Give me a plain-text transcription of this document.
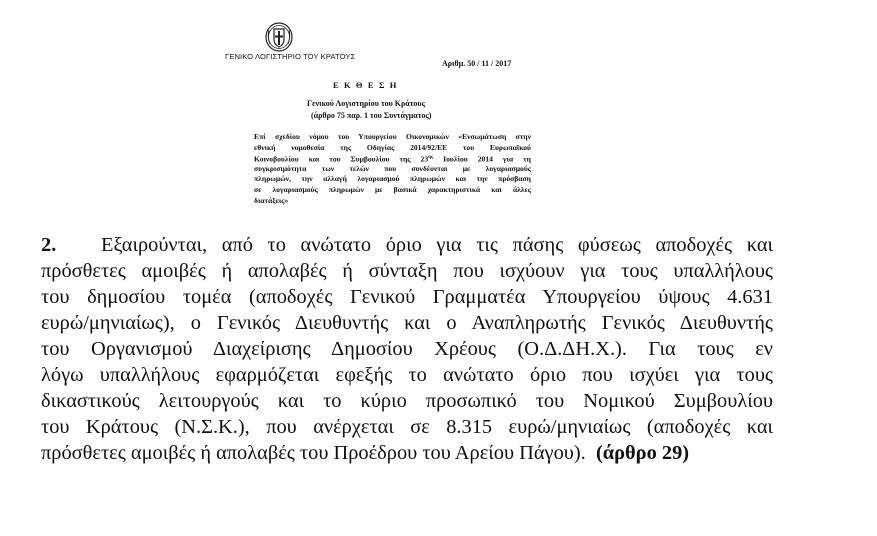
ΓΕΝΙΚΟ ΛΟΓΙΣΤΗΡΙΟ ΤΟΥ ΚΡΑΤΟΥΣ
Αριθμ. 50 / 11 / 2017
Ε Κ Θ Ε Σ Η
Γενικού Λογιστηρίου του Κράτους
(άρθρο 75 παρ. 1 του Συντάγματος)
Επί σχεδίου νόμου του Υπουργείου Οικονομικών «Ενσωμάτωση στην
εθνική νομοθεσία της Οδηγίας 2014/92/ΕΕ του Ευρωπαϊκού
Κοινοβουλίου και του Συμβουλίου της $23^{\eta\varsigma}$ Ιουλίου 2014 για τη
συγκρισιμότητα των τελών που συνδέονται με λογαριασμούς
πληρωμών, την αλλαγή λογαριασμού πληρωμών και την πρόσβαση
σε λογαριασμούς πληρωμών με βασικά χαρακτηριστικά και άλλες
διατάξεις»
2. Εξαιρούνται, από το ανώτατο όριο για τις πάσης φύσεως αποδοχές και
πρόσθετες αμοιβές ή απολαβές ή σύνταξη που ισχύουν για τους υπαλλήλους
του δημοσίου τομέα (αποδοχές Γενικού Γραμματέα Υπουργείου ύψους 4.631
ευρώ/μηνιαίως), ο Γενικός Διευθυντής και ο Αναπληρωτής Γενικός Διευθυντής
του Οργανισμού Διαχείρισης Δημοσίου Χρέους (Ο.Δ.ΔΗ.Χ.). Για τους εν
λόγω υπαλλήλους εφαρμόζεται εφεξής το ανώτατο όριο που ισχύει για τους
δικαστικούς λειτουργούς και το κύριο προσωπικό του Νομικού Συμβουλίου
του Κράτους (Ν.Σ.Κ.), που ανέρχεται σε 8.315 ευρώ/μηνιαίως (αποδοχές και
πρόσθετες αμοιβές ή απολαβές του Προέδρου του Αρείου Πάγου). (άρθρο 29)
